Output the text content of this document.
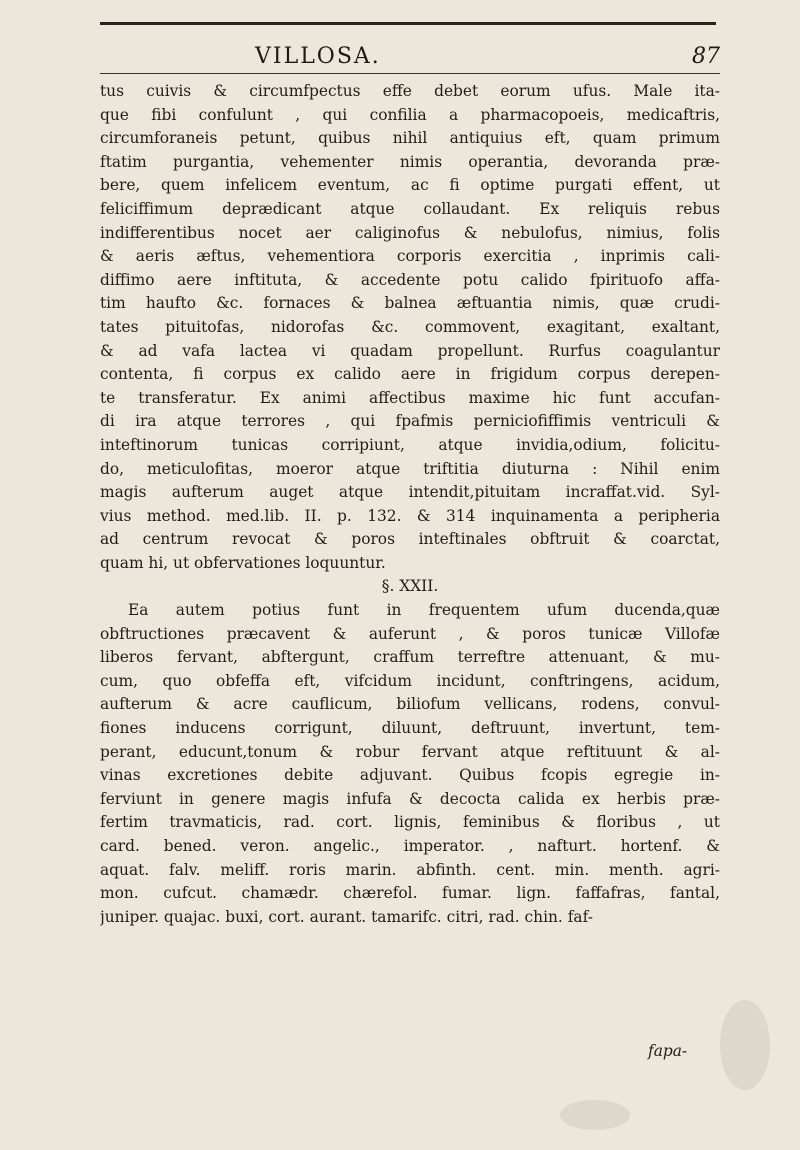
VILLOSA.	87
tus cuivis & circumfpectus effe debet eorum ufus. Male ita-
que fibi confulunt , qui confilia a pharmacopoeis, medicaftris,
circumforaneis petunt, quibus nihil antiquius eft, quam primum
ftatim purgantia, vehementer nimis operantia, devoranda præ-
bere, quem infelicem eventum, ac fi optime purgati effent, ut
feliciffimum deprædicant atque collaudant. Ex reliquis rebus
indifferentibus nocet aer caliginofus & nebulofus, nimius, folis
& aeris æftus, vehementiora corporis exercitia , inprimis cali-
diffimo aere inftituta, & accedente potu calido fpirituofo affa-
tim haufto &c. fornaces & balnea æftuantia nimis, quæ crudi-
tates pituitofas, nidorofas &c. commovent, exagitant, exaltant,
& ad vafa lactea vi quadam propellunt. Rurfus coagulantur
contenta, fi corpus ex calido aere in frigidum corpus derepen-
te transferatur. Ex animi affectibus maxime hic funt accufan-
di ira atque terrores , qui fpafmis perniciofiffimis ventriculi &
inteftinorum tunicas corripiunt, atque invidia,odium, folicitu-
do, meticulofitas, moeror atque triftitia diuturna : Nihil enim
magis aufterum auget atque intendit,pituitam incraffat.vid. Syl-
vius method. med.lib. II. p. 132. & 314 inquinamenta a peripheria
ad centrum revocat & poros inteftinales obftruit & coarctat,
quam hi, ut obfervationes loquuntur.
§. XXII.
Ea autem potius funt in frequentem ufum ducenda,quæ
obftructiones præcavent & auferunt , & poros tunicæ Villofæ
liberos fervant, abftergunt, craffum terreftre attenuant, & mu-
cum, quo obfeffa eft, vifcidum incidunt, conftringens, acidum,
aufterum & acre cauflicum, biliofum vellicans, rodens, convul-
fiones inducens corrigunt, diluunt, deftruunt, invertunt, tem-
perant, educunt,tonum & robur fervant atque reftituunt & al-
vinas excretiones debite adjuvant. Quibus fcopis egregie in-
ferviunt in genere magis infufa & decocta calida ex herbis præ-
fertim travmaticis, rad. cort. lignis, feminibus & floribus , ut
card. bened. veron. angelic., imperator. , nafturt. hortenf. &
aquat. falv. meliff. roris marin. abfinth. cent. min. menth. agri-
mon. cufcut. chamædr. chærefol. fumar. lign. faffafras, fantal,
juniper. quajac. buxi, cort. aurant. tamarifc. citri, rad. chin. faf-
fapa-
